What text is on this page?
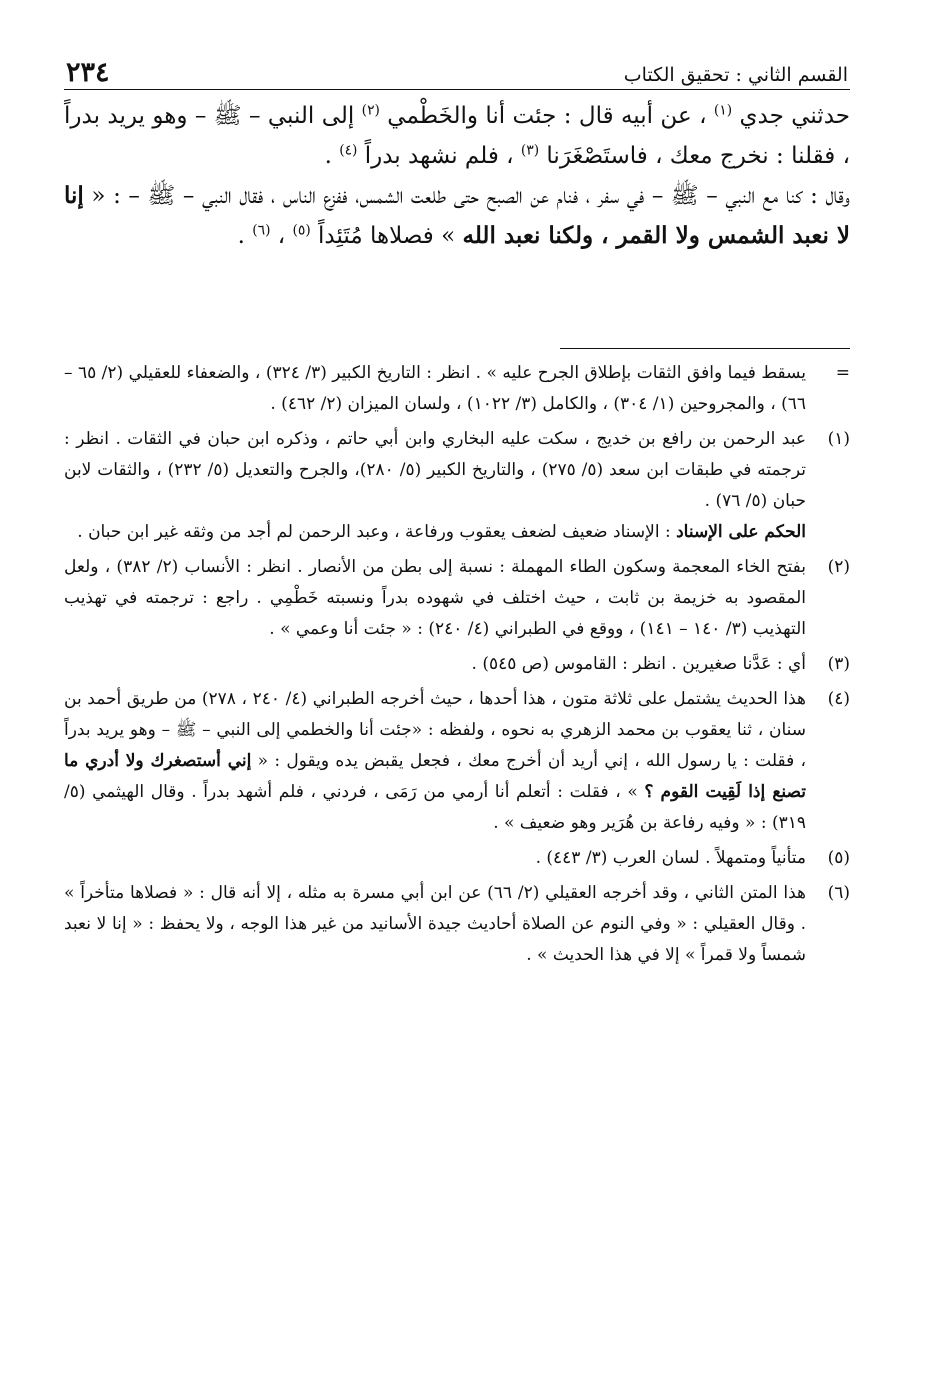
القسم الثاني : تحقيق الكتاب
٢٣٤

حدثني جدي $^{(١)}$ ، عن أبيه قال : جئت أنا والخَطْمي $^{(٢)}$ إلى النبي – ﷺ – وهو يريد بدراً ، فقلنا : نخرج معك ، فاستَصْغَرَنا $^{(٣)}$ ، فلم نشهد بدراً $^{(٤)}$ .

وقال : كنا مع النبي – ﷺ – في سفر ، فنام عن الصبح حتى طلعت الشمس، ففزع الناس ، فقال النبي – ﷺ – : « إنا لا نعبد الشمس ولا القمر ، ولكنا نعبد الله » فصلاها مُتَئِداً $^{(٥)}$ ، $^{(٦)}$ .

=

يسقط فيما وافق الثقات بإطلاق الجرح عليه » . انظر : التاريخ الكبير (٣/ ٣٢٤) ، والضعفاء للعقيلي (٢/ ٦٥ – ٦٦) ، والمجروحين (١/ ٣٠٤) ، والكامل (٣/ ١٠٢٢) ، ولسان الميزان (٢/ ٤٦٢) .

(١)

عبد الرحمن بن رافع بن خديج ، سكت عليه البخاري وابن أبي حاتم ، وذكره ابن حبان في الثقات . انظر : ترجمته في طبقات ابن سعد (٥/ ٢٧٥) ، والتاريخ الكبير (٥/ ٢٨٠)، والجرح والتعديل (٥/ ٢٣٢) ، والثقات لابن حبان (٥/ ٧٦) .

الحكم على الإسناد : الإسناد ضعيف لضعف يعقوب ورفاعة ، وعبد الرحمن لم أجد من وثقه غير ابن حبان .

(٢)

بفتح الخاء المعجمة وسكون الطاء المهملة : نسبة إلى بطن من الأنصار . انظر : الأنساب (٢/ ٣٨٢) ، ولعل المقصود به خزيمة بن ثابت ، حيث اختلف في شهوده بدراً ونسبته خَطْمِي . راجع : ترجمته في تهذيب التهذيب (٣/ ١٤٠ – ١٤١) ، ووقع في الطبراني (٤/ ٢٤٠) : « جئت أنا وعمي » .

(٣)

أي : عَدَّنا صغيرين . انظر : القاموس (ص ٥٤٥) .

(٤)

هذا الحديث يشتمل على ثلاثة متون ، هذا أحدها ، حيث أخرجه الطبراني (٤/ ٢٤٠ ، ٢٧٨) من طريق أحمد بن سنان ، ثنا يعقوب بن محمد الزهري به نحوه ، ولفظه : «جئت أنا والخطمي إلى النبي – ﷺ – وهو يريد بدراً ، فقلت : يا رسول الله ، إني أريد أن أخرج معك ، فجعل يقبض يده ويقول : « إني أستصغرك ولا أدري ما تصنع إذا لَقِيت القوم ؟ » ، فقلت : أتعلم أنا أرمي من رَمَى ، فردني ، فلم أشهد بدراً . وقال الهيثمي (٥/ ٣١٩) : « وفيه رفاعة بن هُرَير وهو ضعيف » .

(٥)

متأنياً ومتمهلاً . لسان العرب (٣/ ٤٤٣) .

(٦)

هذا المتن الثاني ، وقد أخرجه العقيلي (٢/ ٦٦) عن ابن أبي مسرة به مثله ، إلا أنه قال : « فصلاها متأخراً » . وقال العقيلي : « وفي النوم عن الصلاة أحاديث جيدة الأسانيد من غير هذا الوجه ، ولا يحفظ : « إنا لا نعبد شمساً ولا قمراً » إلا في هذا الحديث » .
